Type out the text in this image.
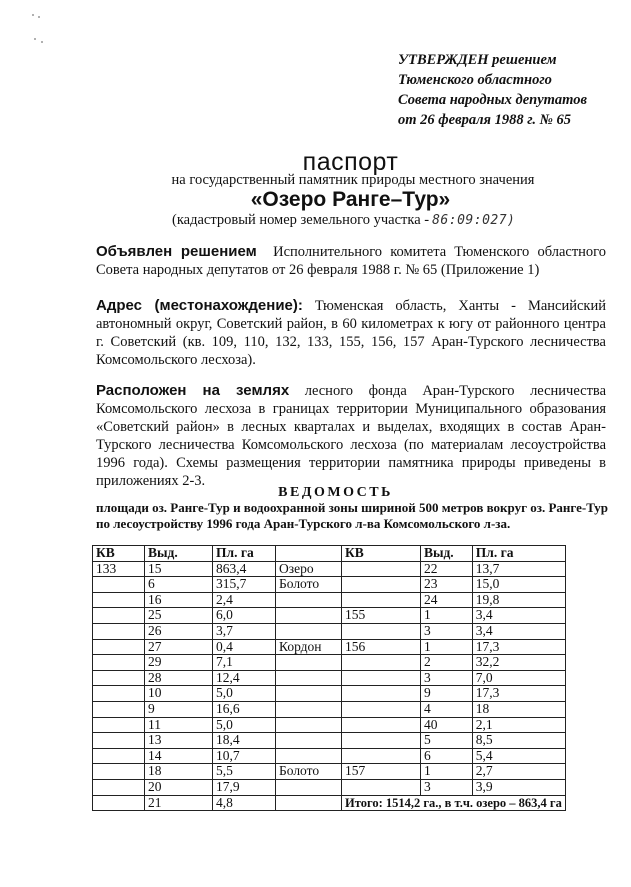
УТВЕРЖДЕН решением
Тюменского областного
Совета народных депутатов
от 26 февраля 1988 г. № 65
паспорт
на государственный памятник природы местного значения
«Озеро Ранге–Тур»
(кадастровый номер земельного участка - 86:09:027)
Объявлен решением Исполнительного комитета Тюменского областного Совета народных депутатов от 26 февраля 1988 г. № 65 (Приложение 1)
Адрес (местонахождение): Тюменская область, Ханты - Мансийский автономный округ, Советский район, в 60 километрах к югу от районного центра г. Советский (кв. 109, 110, 132, 133, 155, 156, 157 Аран-Турского лесничества Комсомольского лесхоза).
Расположен на землях лесного фонда Аран-Турского лесничества Комсомольского лесхоза в границах территории Муниципального образования «Советский район» в лесных кварталах и выделах, входящих в состав Аран-Турского лесничества Комсомольского лесхоза (по материалам лесоустройства 1996 года). Схемы размещения территории памятника природы приведены в приложениях 2-3.
ВЕДОМОСТЬ
площади оз. Ранге-Тур и водоохранной зоны шириной 500 метров вокруг оз. Ранге-Тур по лесоустройству 1996 года Аран-Турского л-ва Комсомольского л-за.
КВ	Выд.	Пл. га		КВ	Выд.	Пл. га
133	15	863,4	Озеро		22	13,7
	6	315,7	Болото		23	15,0
	16	2,4			24	19,8
	25	6,0		155	1	3,4
	26	3,7			3	3,4
	27	0,4	Кордон	156	1	17,3
	29	7,1			2	32,2
	28	12,4			3	7,0
	10	5,0			9	17,3
	9	16,6			4	18
	11	5,0			40	2,1
	13	18,4			5	8,5
	14	10,7			6	5,4
	18	5,5	Болото	157	1	2,7
	20	17,9			3	3,9
	21	4,8		Итого: 1514,2 га., в т.ч. озеро – 863,4 га		
